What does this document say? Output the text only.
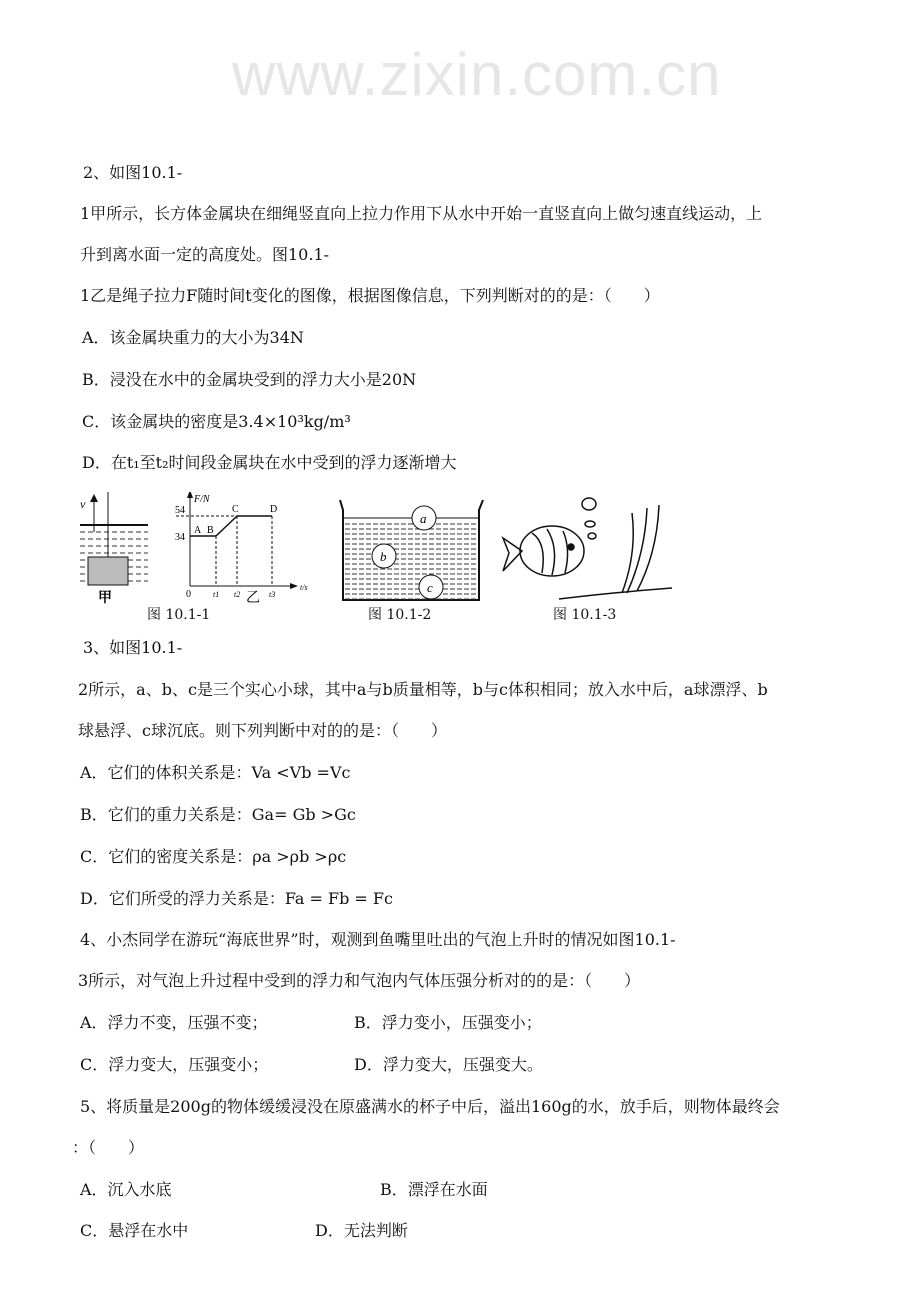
www.zixin.com.cn
2、如图10.1-
1甲所示，长方体金属块在细绳竖直向上拉力作用下从水中开始一直竖直向上做匀速直线运动，上
升到离水面一定的高度处。图10.1-
1乙是绳子拉力F随时间t变化的图像，根据图像信息，下列判断对的的是：（　　）
A．该金属块重力的大小为34N
B．浸没在水中的金属块受到的浮力大小是20N
C．该金属块的密度是3.4×10³kg/m³
D．在t₁至t₂时间段金属块在水中受到的浮力逐渐增大
v
甲
F/N
54
34
A B
C	D
0	t1 t2	t3
t/s
乙
图 10.1-1
a
b
c
图 10.1-2	图 10.1-3
3、如图10.1-
2所示，a、b、c是三个实心小球，其中a与b质量相等，b与c体积相同；放入水中后，a球漂浮、b
球悬浮、c球沉底。则下列判断中对的的是：（　　）
A．它们的体积关系是：Va <Vb =Vc
B．它们的重力关系是：Ga= Gb >Gc
C．它们的密度关系是：ρa >ρb >ρc
D．它们所受的浮力关系是：Fa = Fb = Fc
4、小杰同学在游玩“海底世界”时，观测到鱼嘴里吐出的气泡上升时的情况如图10.1-
3所示，对气泡上升过程中受到的浮力和气泡内气体压强分析对的的是：（　　）
A．浮力不变，压强不变；	B．浮力变小，压强变小；
C．浮力变大，压强变小；	D．浮力变大，压强变大。
5、将质量是200g的物体缓缓浸没在原盛满水的杯子中后，溢出160g的水，放手后，则物体最终会
：（　　）
A．沉入水底	B．漂浮在水面
C．悬浮在水中	D．无法判断
